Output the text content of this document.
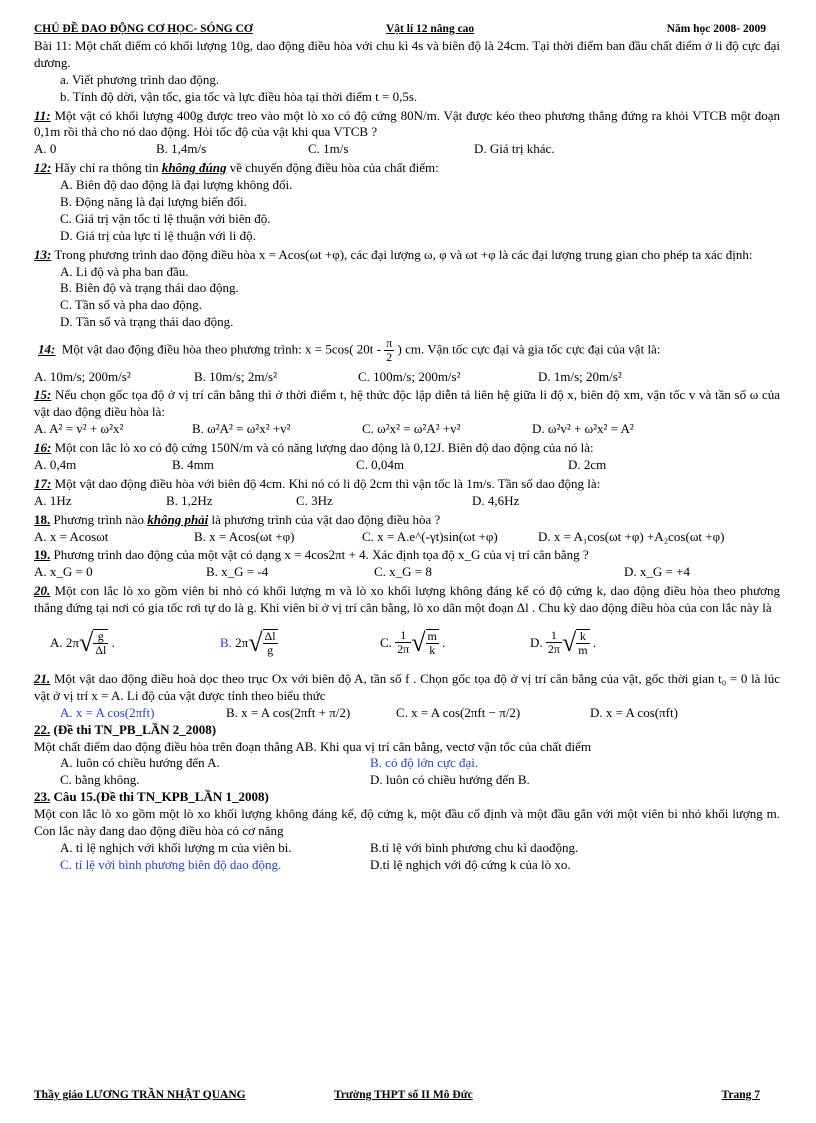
CHỦ ĐỀ DAO ĐỘNG CƠ HỌC- SÓNG CƠ	Vật lí 12 nâng cao	Năm học 2008- 2009

Bài 11: Một chất điểm có khối lượng 10g, dao động điều hòa với chu kì 4s và biên độ là 24cm. Tại thời điểm ban đầu chất điểm ở li độ cực đại dương.

a. Viết phương trình dao động.

b. Tính độ dời, vận tốc, gia tốc và lực điều hòa tại thời điểm t = 0,5s.

11: Một vật có khối lượng 400g được treo vào một lò xo có độ cứng 80N/m. Vật được kéo theo phương thẳng đứng ra khỏi VTCB một đoạn 0,1m rồi thả cho nó dao động. Hỏi tốc độ của vật khi qua VTCB ?

A. 0	B. 1,4m/s	C. 1m/s	D. Giá trị khác.

12: Hãy chỉ ra thông tin không đúng về chuyển động điều hòa của chất điểm:

A. Biên độ dao động là đại lượng không đổi.

B. Động năng là đại lượng biến đổi.

C. Giá trị vận tốc tỉ lệ thuận với biên độ.

D. Giá trị của lực tỉ lệ thuận với li độ.

13: Trong phương trình dao động điều hòa x = Acos(ωt +φ), các đại lượng ω, φ và ωt +φ là các đại lượng trung gian cho phép ta xác định:

A. Li độ và pha ban đầu.

B. Biên độ và trạng thái dao động.

C. Tần số và pha dao động.

D. Tần số và trạng thái dao động.

14: Một vật dao động điều hòa theo phương trình: x = 5cos( $20t - \frac{\pi}{2}$ ) cm. Vận tốc cực đại và gia tốc cực đại của vật là:

A. 10m/s; 200m/s²	B. 10m/s; 2m/s²	C. 100m/s; 200m/s²	D. 1m/s; 20m/s²

15: Nếu chọn gốc tọa độ ở vị trí cân bằng thì ở thời điểm t, hệ thức độc lập diễn tả liên hệ giữa li độ x, biên độ xm, vận tốc v và tần số ω của vật dao động điều hòa là:

A. A² = v² + ω²x²	B. ω²A² = ω²x² +v²	C. ω²x² = ω²A² +v²	D. ω²v² + ω²x² = A²

16: Một con lắc lò xo có độ cứng 150N/m và có năng lượng dao động là 0,12J. Biên độ dao động của nó là:

A. 0,4m	B. 4mm	C. 0,04m	D. 2cm

17: Một vật dao động điều hòa với biên độ 4cm. Khi nó có li độ 2cm thì vận tốc là 1m/s. Tần số dao động là:

A. 1Hz	B. 1,2Hz	C. 3Hz	D. 4,6Hz

18. Phương trình nào không phải là phương trình của vật dao động điều hòa ?

A. x = Acosωt	B. x = Acos(ωt +φ)	C. x = A.e^(-γt)sin(ωt +φ)	D. x = A₁cos(ωt +φ) +A₂cos(ωt +φ)

19. Phương trình dao động của một vật có dạng x = 4cos2πt + 4. Xác định tọa độ x_G của vị trí cân bằng ?

A. x_G = 0	B. x_G = -4	C. x_G = 8	D. x_G = +4

20. Một con lắc lò xo gồm viên bi nhỏ có khối lượng m và lò xo khối lượng không đáng kể có độ cứng k, dao động điều hòa theo phương thẳng đứng tại nơi có gia tốc rơi tự do là g. Khi viên bi ở vị trí cân bằng, lò xo dãn một đoạn Δl . Chu kỳ dao động điều hòa của con lắc này là

A.
2π √ $\frac{g}{\Delta l}$ .	B.
2π √ $\frac{\Delta l}{g}$	C.
$\frac{1}{2\pi}$ √ $\frac{m}{k}$ .	D.
$\frac{1}{2\pi}$ √ $\frac{k}{m}$ .

21. Một vật dao động điều hoà dọc theo trục Ox với biên độ A, tần số f . Chọn gốc tọa độ ở vị trí cân bằng của vật, gốc thời gian t₀ = 0 là lúc vật ở vị trí x = A. Li độ của vật được tính theo biểu thức

A. x = A cos(2πft)	B. x = A cos(2πft + π/2)	C. x = A cos(2πft − π/2)	D. x = A cos(πft)

22. (Đề thi TN_PB_LẦN 2_2008)

Một chất điểm dao động điều hòa trên đoạn thẳng AB. Khi qua vị trí cân bằng, vectơ vận tốc của chất điểm

A. luôn có chiều hướng đến A.	B. có độ lớn cực đại.
C. bằng không.	D. luôn có chiều hướng đến B.

23. Câu 15.(Đề thi TN_KPB_LẦN 1_2008)

Một con lắc lò xo gồm một lò xo khối lượng không đáng kể, độ cứng k, một đầu cố định và một đầu gắn với một viên bi nhỏ khối lượng m. Con lắc này đang dao động điều hòa có cơ năng

A. tỉ lệ nghịch với khối lượng m của viên bi.	B.tỉ lệ với bình phương chu kì daođộng.
C. tỉ lệ với bình phương biên độ dao động.	D.tỉ lệ nghịch với độ cứng k của lò xo.
Thầy giáo LƯƠNG TRẦN NHẬT QUANG	Trường THPT số II Mô Đức	Trang 7
